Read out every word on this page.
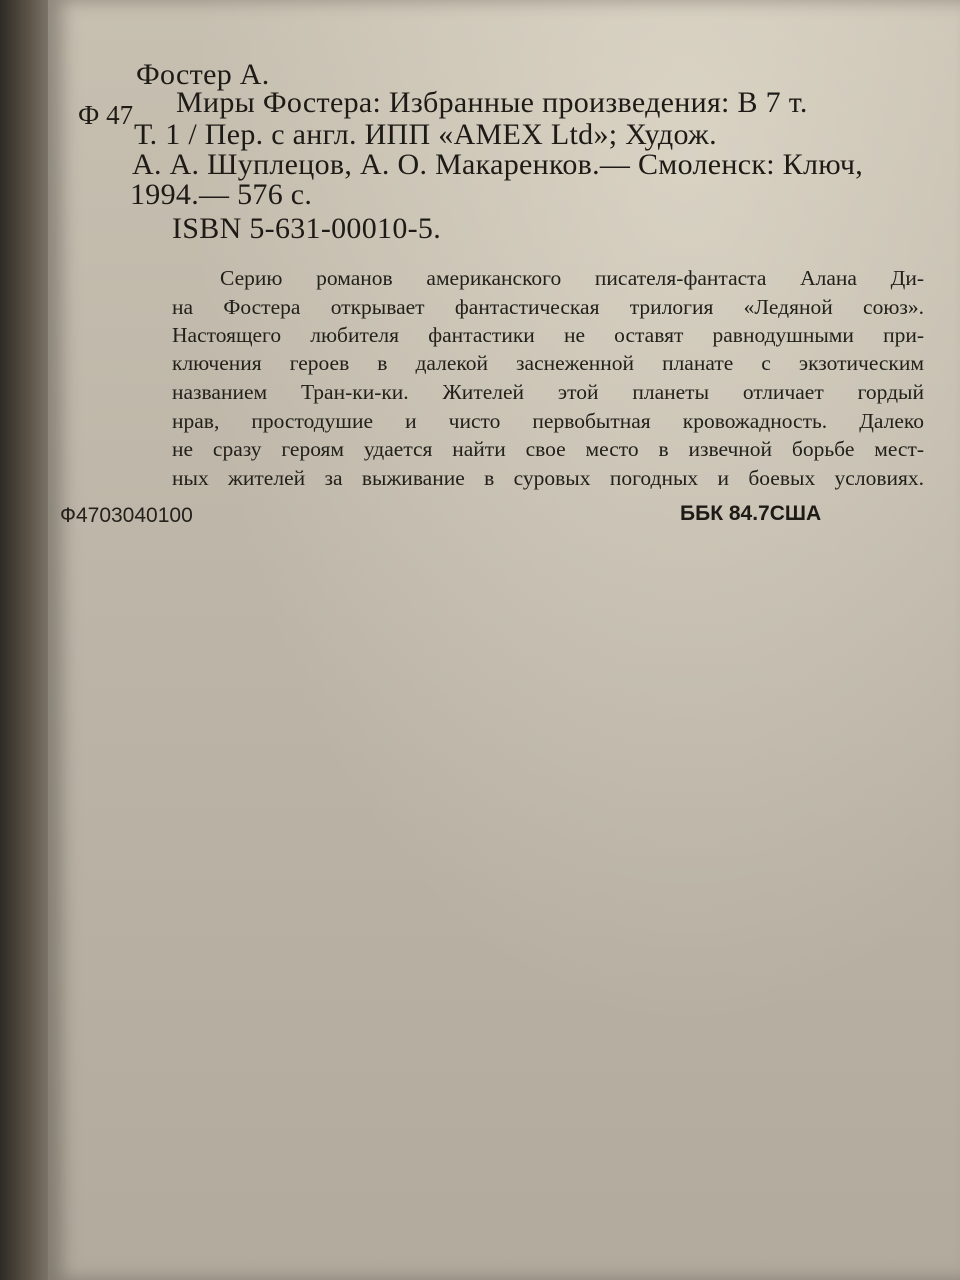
Фостер А.
Ф 47 Миры Фостера: Избранные произведения: В 7 т.
Т. 1 / Пер. с англ. ИПП «АМЕХ Ltd»; Худож.
А. А. Шуплецов, А. О. Макаренков.— Смоленск: Ключ,
1994.— 576 с.
ISBN 5-631-00010-5.
Серию романов американского писателя-фантаста Алана Ди-
на Фостера открывает фантастическая трилогия «Ледяной союз».
Настоящего любителя фантастики не оставят равнодушными при-
ключения героев в далекой заснеженной планате с экзотическим
названием Тран-ки-ки. Жителей этой планеты отличает гордый
нрав, простодушие и чисто первобытная кровожадность. Далеко
не сразу героям удается найти свое место в извечной борьбе мест-
ных жителей за выживание в суровых погодных и боевых условиях.
Ф4703040100	ББК 84.7США
